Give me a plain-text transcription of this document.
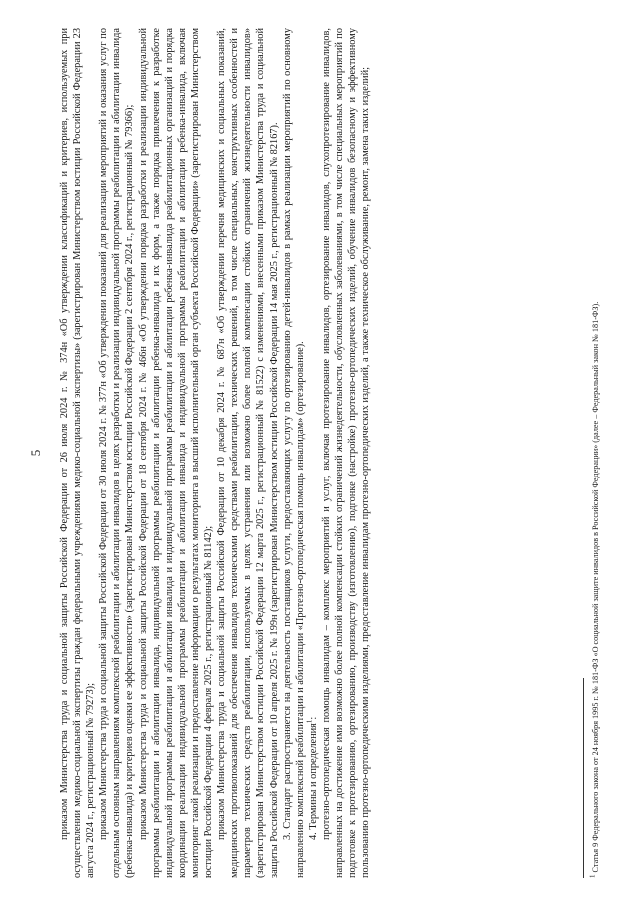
5 приказом Министерства труда и социальной защиты Российской Федерации от 26 июля 2024 г. № 374н «Об утверждении классификаций и критериев, используемых при осуществлении медико-социальной экспертизы граждан федеральными учреждениями медико-социальной экспертизы» (зарегистрирован Министерством юстиции Российской Федерации 23 августа 2024 г., регистрационный № 79273); приказом Министерства труда и социальной защиты Российской Федерации от 30 июля 2024 г. № 377н «Об утверждении показаний для реализации мероприятий и оказания услуг по отдельным основным направлениям комплексной реабилитации и абилитации инвалидов в целях разработки и реализации индивидуальной программы реабилитации и абилитации инвалида (ребенка-инвалида) и критериев оценки ее эффективности» (зарегистрирован Министерством юстиции Российской Федерации 2 сентября 2024 г., регистрационный № 79366); приказом Министерства труда и социальной защиты Российской Федерации от 18 сентября 2024 г. № 466н «Об утверждении порядка разработки и реализации индивидуальной программы реабилитации и абилитации инвалида, индивидуальной программы реабилитации и абилитации ребенка-инвалида и их форм, а также порядка привлечения к разработке индивидуальной программы реабилитации и абилитации инвалида и индивидуальной программы реабилитации и абилитации ребенка-инвалида реабилитационных организаций и порядка координации реализации индивидуальной программы реабилитации и абилитации инвалида и индивидуальной программы реабилитации и абилитации ребенка-инвалида, включая мониторинг такой реализации и предоставление информации о результатах мониторинга в высший исполнительный орган субъекта Российской Федерации» (зарегистрирован Министерством юстиции Российской Федерации 4 февраля 2025 г., регистрационный № 81142); приказом Министерства труда и социальной защиты Российской Федерации от 10 декабря 2024 г. № 687н «Об утверждении перечня медицинских и социальных показаний, медицинских противопоказаний для обеспечения инвалидов техническими средствами реабилитации, технических решений, в том числе специальных, конструктивных особенностей и параметров технических средств реабилитации, используемых в целях устранения или возможно более полной компенсации стойких ограничений жизнедеятельности инвалидов» (зарегистрирован Министерством юстиции Российской Федерации 12 марта 2025 г., регистрационный № 81522) с изменениями, внесенными приказом Министерства труда и социальной защиты Российской Федерации от 10 апреля 2025 г. № 199н (зарегистрирован Министерством юстиции Российской Федерации 14 мая 2025 г., регистрационный № 82167). 3. Стандарт распространяется на деятельность поставщиков услуги, предоставляющих услугу по ортезированию детей-инвалидов в рамках реализации мероприятий по основному направлению комплексной реабилитации и абилитации «Протезно-ортопедическая помощь инвалидам» (ортезирование). 4. Термины и определения$^1$: протезно-ортопедическая помощь инвалидам – комплекс мероприятий и услуг, включая протезирование инвалидов, ортезирование инвалидов, слухопротезирование инвалидов, направленных на достижение ими возможно более полной компенсации стойких ограничений жизнедеятельности, обусловленных заболеваниями, в том числе специальных мероприятий по подготовке к протезированию, ортезированию, производству (изготовлению), подгонке (настройке) протезно-ортопедических изделий, обучение инвалидов безопасному и эффективному пользованию протезно-ортопедическими изделиями, предоставление инвалидам протезно-ортопедических изделий, а также техническое обслуживание, ремонт, замена таких изделий;	$^1$ Статья 9 Федерального закона от 24 ноября 1995 г. № 181-ФЗ «О социальной защите инвалидов в Российской Федерации» (далее – Федеральный закон № 181-ФЗ).
